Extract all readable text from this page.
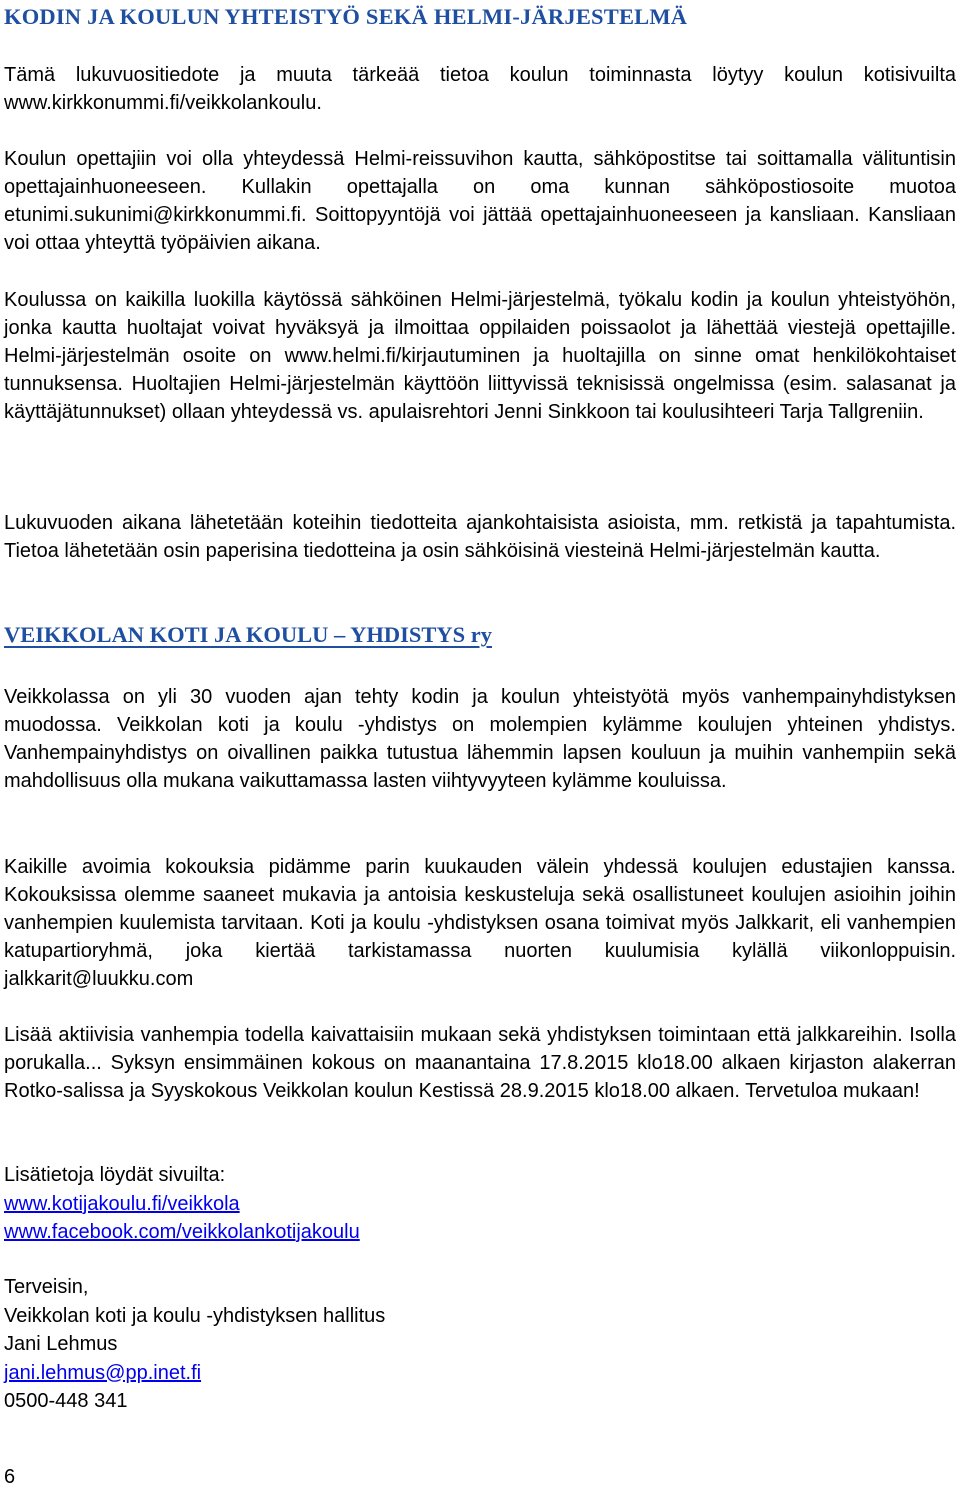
KODIN JA KOULUN YHTEISTYÖ SEKÄ HELMI-JÄRJESTELMÄ

Tämä lukuvuositiedote ja muuta tärkeää tietoa koulun toiminnasta löytyy koulun kotisivuilta www.kirkkonummi.fi/veikkolankoulu.

Koulun opettajiin voi olla yhteydessä Helmi-reissuvihon kautta, sähköpostitse tai soittamalla välituntisin opettajainhuoneeseen. Kullakin opettajalla on oma kunnan sähköpostiosoite muotoa etunimi.sukunimi@kirkkonummi.fi. Soittopyyntöjä voi jättää opettajainhuoneeseen ja kansliaan. Kansliaan voi ottaa yhteyttä työpäivien aikana.

Koulussa on kaikilla luokilla käytössä sähköinen Helmi-järjestelmä, työkalu kodin ja koulun yhteistyöhön, jonka kautta huoltajat voivat hyväksyä ja ilmoittaa oppilaiden poissaolot ja lähettää viestejä opettajille. Helmi-järjestelmän osoite on www.helmi.fi/kirjautuminen ja huoltajilla on sinne omat henkilökohtaiset tunnuksensa. Huoltajien Helmi-järjestelmän käyttöön liittyvissä teknisissä ongelmissa (esim. salasanat ja käyttäjätunnukset) ollaan yhteydessä vs. apulaisrehtori Jenni Sinkkoon tai koulusihteeri Tarja Tallgreniin.

Lukuvuoden aikana lähetetään koteihin tiedotteita ajankohtaisista asioista, mm. retkistä ja tapahtumista. Tietoa lähetetään osin paperisina tiedotteina ja osin sähköisinä viesteinä Helmi-järjestelmän kautta.

VEIKKOLAN KOTI JA KOULU – YHDISTYS ry

Veikkolassa on yli 30 vuoden ajan tehty kodin ja koulun yhteistyötä myös vanhempainyhdistyksen muodossa. Veikkolan koti ja koulu -yhdistys on molempien kylämme koulujen yhteinen yhdistys. Vanhempainyhdistys on oivallinen paikka tutustua lähemmin lapsen kouluun ja muihin vanhempiin sekä mahdollisuus olla mukana vaikuttamassa lasten viihtyvyyteen kylämme kouluissa.

Kaikille avoimia kokouksia pidämme parin kuukauden välein yhdessä koulujen edustajien kanssa. Kokouksissa olemme saaneet mukavia ja antoisia keskusteluja sekä osallistuneet koulujen asioihin joihin vanhempien kuulemista tarvitaan. Koti ja koulu -yhdistyksen osana toimivat myös Jalkkarit, eli vanhempien katupartioryhmä, joka kiertää tarkistamassa nuorten kuulumisia kylällä viikonloppuisin. jalkkarit@luukku.com

Lisää aktiivisia vanhempia todella kaivattaisiin mukaan sekä yhdistyksen toimintaan että jalkkareihin. Isolla porukalla... Syksyn ensimmäinen kokous on maanantaina 17.8.2015 klo18.00 alkaen kirjaston alakerran Rotko-salissa ja Syyskokous Veikkolan koulun Kestissä 28.9.2015 klo18.00 alkaen. Tervetuloa mukaan!

Lisätietoja löydät sivuilta:
www.kotijakoulu.fi/veikkola
www.facebook.com/veikkolankotijakoulu
Terveisin,
Veikkolan koti ja koulu -yhdistyksen hallitus
Jani Lehmus
jani.lehmus@pp.inet.fi
0500-448 341
6
